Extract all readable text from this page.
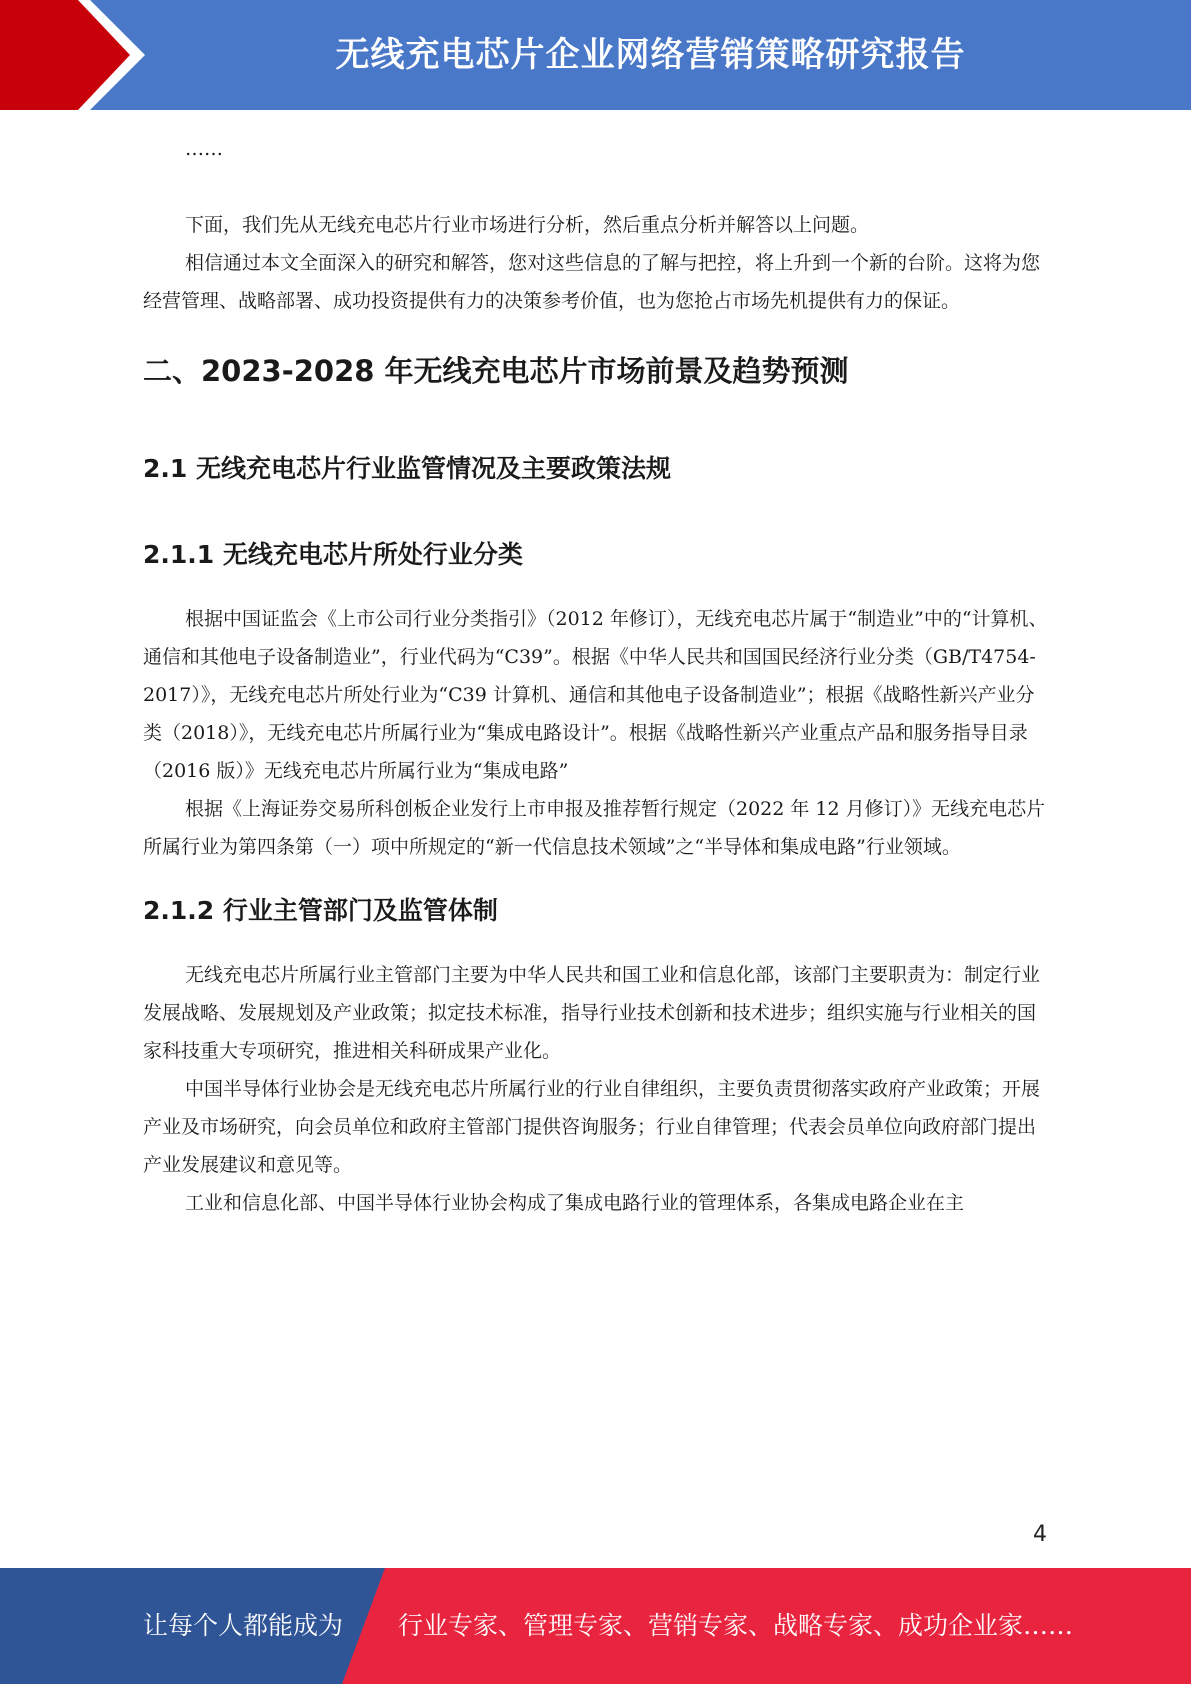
无线充电芯片企业网络营销策略研究报告

……

下面，我们先从无线充电芯片行业市场进行分析，然后重点分析并解答以上问题。

相信通过本文全面深入的研究和解答，您对这些信息的了解与把控，将上升到一个新的台阶。这将为您经营管理、战略部署、成功投资提供有力的决策参考价值，也为您抢占市场先机提供有力的保证。

二、2023-2028 年无线充电芯片市场前景及趋势预测
2.1 无线充电芯片行业监管情况及主要政策法规
2.1.1 无线充电芯片所处行业分类

根据中国证监会《上市公司行业分类指引》（2012 年修订），无线充电芯片属于“制造业”中的“计算机、通信和其他电子设备制造业”，行业代码为“C39”。根据《中华人民共和国国民经济行业分类（GB/T4754-2017）》，无线充电芯片所处行业为“C39 计算机、通信和其他电子设备制造业”；根据《战略性新兴产业分类（2018）》，无线充电芯片所属行业为“集成电路设计”。根据《战略性新兴产业重点产品和服务指导目录（2016 版）》无线充电芯片所属行业为“集成电路”

根据《上海证券交易所科创板企业发行上市申报及推荐暂行规定（2022 年 12 月修订）》无线充电芯片所属行业为第四条第（一）项中所规定的“新一代信息技术领域”之“半导体和集成电路”行业领域。

2.1.2 行业主管部门及监管体制

无线充电芯片所属行业主管部门主要为中华人民共和国工业和信息化部，该部门主要职责为：制定行业发展战略、发展规划及产业政策；拟定技术标准，指导行业技术创新和技术进步；组织实施与行业相关的国家科技重大专项研究，推进相关科研成果产业化。

中国半导体行业协会是无线充电芯片所属行业的行业自律组织，主要负责贯彻落实政府产业政策；开展产业及市场研究，向会员单位和政府主管部门提供咨询服务；行业自律管理；代表会员单位向政府部门提出产业发展建议和意见等。

工业和信息化部、中国半导体行业协会构成了集成电路行业的管理体系，各集成电路企业在主

4
让每个人都能成为 行业专家、管理专家、营销专家、战略专家、成功企业家……
